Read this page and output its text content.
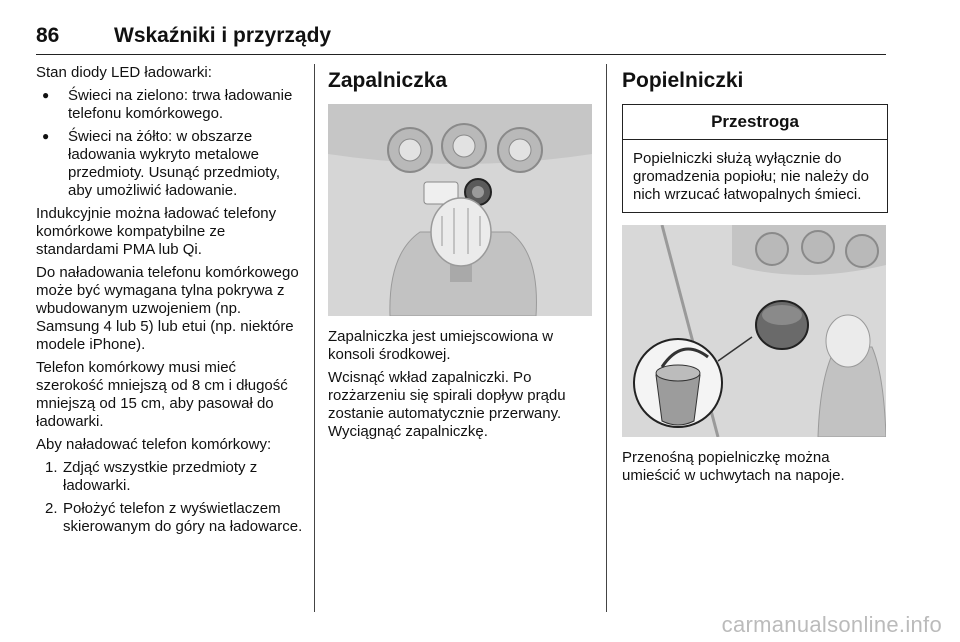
86	Wskaźniki i przyrządy

Stan diody LED ładowarki:

● Świeci na zielono: trwa ładowanie telefonu komórkowego.
● Świeci na żółto: w obszarze ładowania wykryto metalowe przedmioty. Usunąć przedmioty, aby umożliwić ładowanie.

Indukcyjnie można ładować telefony komórkowe kompatybilne ze standardami PMA lub Qi.

Do naładowania telefonu komórkowego może być wymagana tylna pokrywa z wbudowanym uzwojeniem (np. Samsung 4 lub 5) lub etui (np. niektóre modele iPhone).

Telefon komórkowy musi mieć szerokość mniejszą od 8 cm i długość mniejszą od 15 cm, aby pasował do ładowarki.

Aby naładować telefon komórkowy:

1. Zdjąć wszystkie przedmioty z ładowarki.
2. Położyć telefon z wyświetlaczem skierowanym do góry na ładowarce.
Zapalniczka

Zapalniczka jest umiejscowiona w konsoli środkowej.

Wcisnąć wkład zapalniczki. Po rozżarzeniu się spirali dopływ prądu zostanie automatycznie przerwany. Wyciągnąć zapalniczkę.

Popielniczki
Przestroga
Popielniczki służą wyłącznie do gromadzenia popiołu; nie należy do nich wrzucać łatwopalnych śmieci.

Przenośną popielniczkę można umieścić w uchwytach na napoje.

carmanualsonline.info
